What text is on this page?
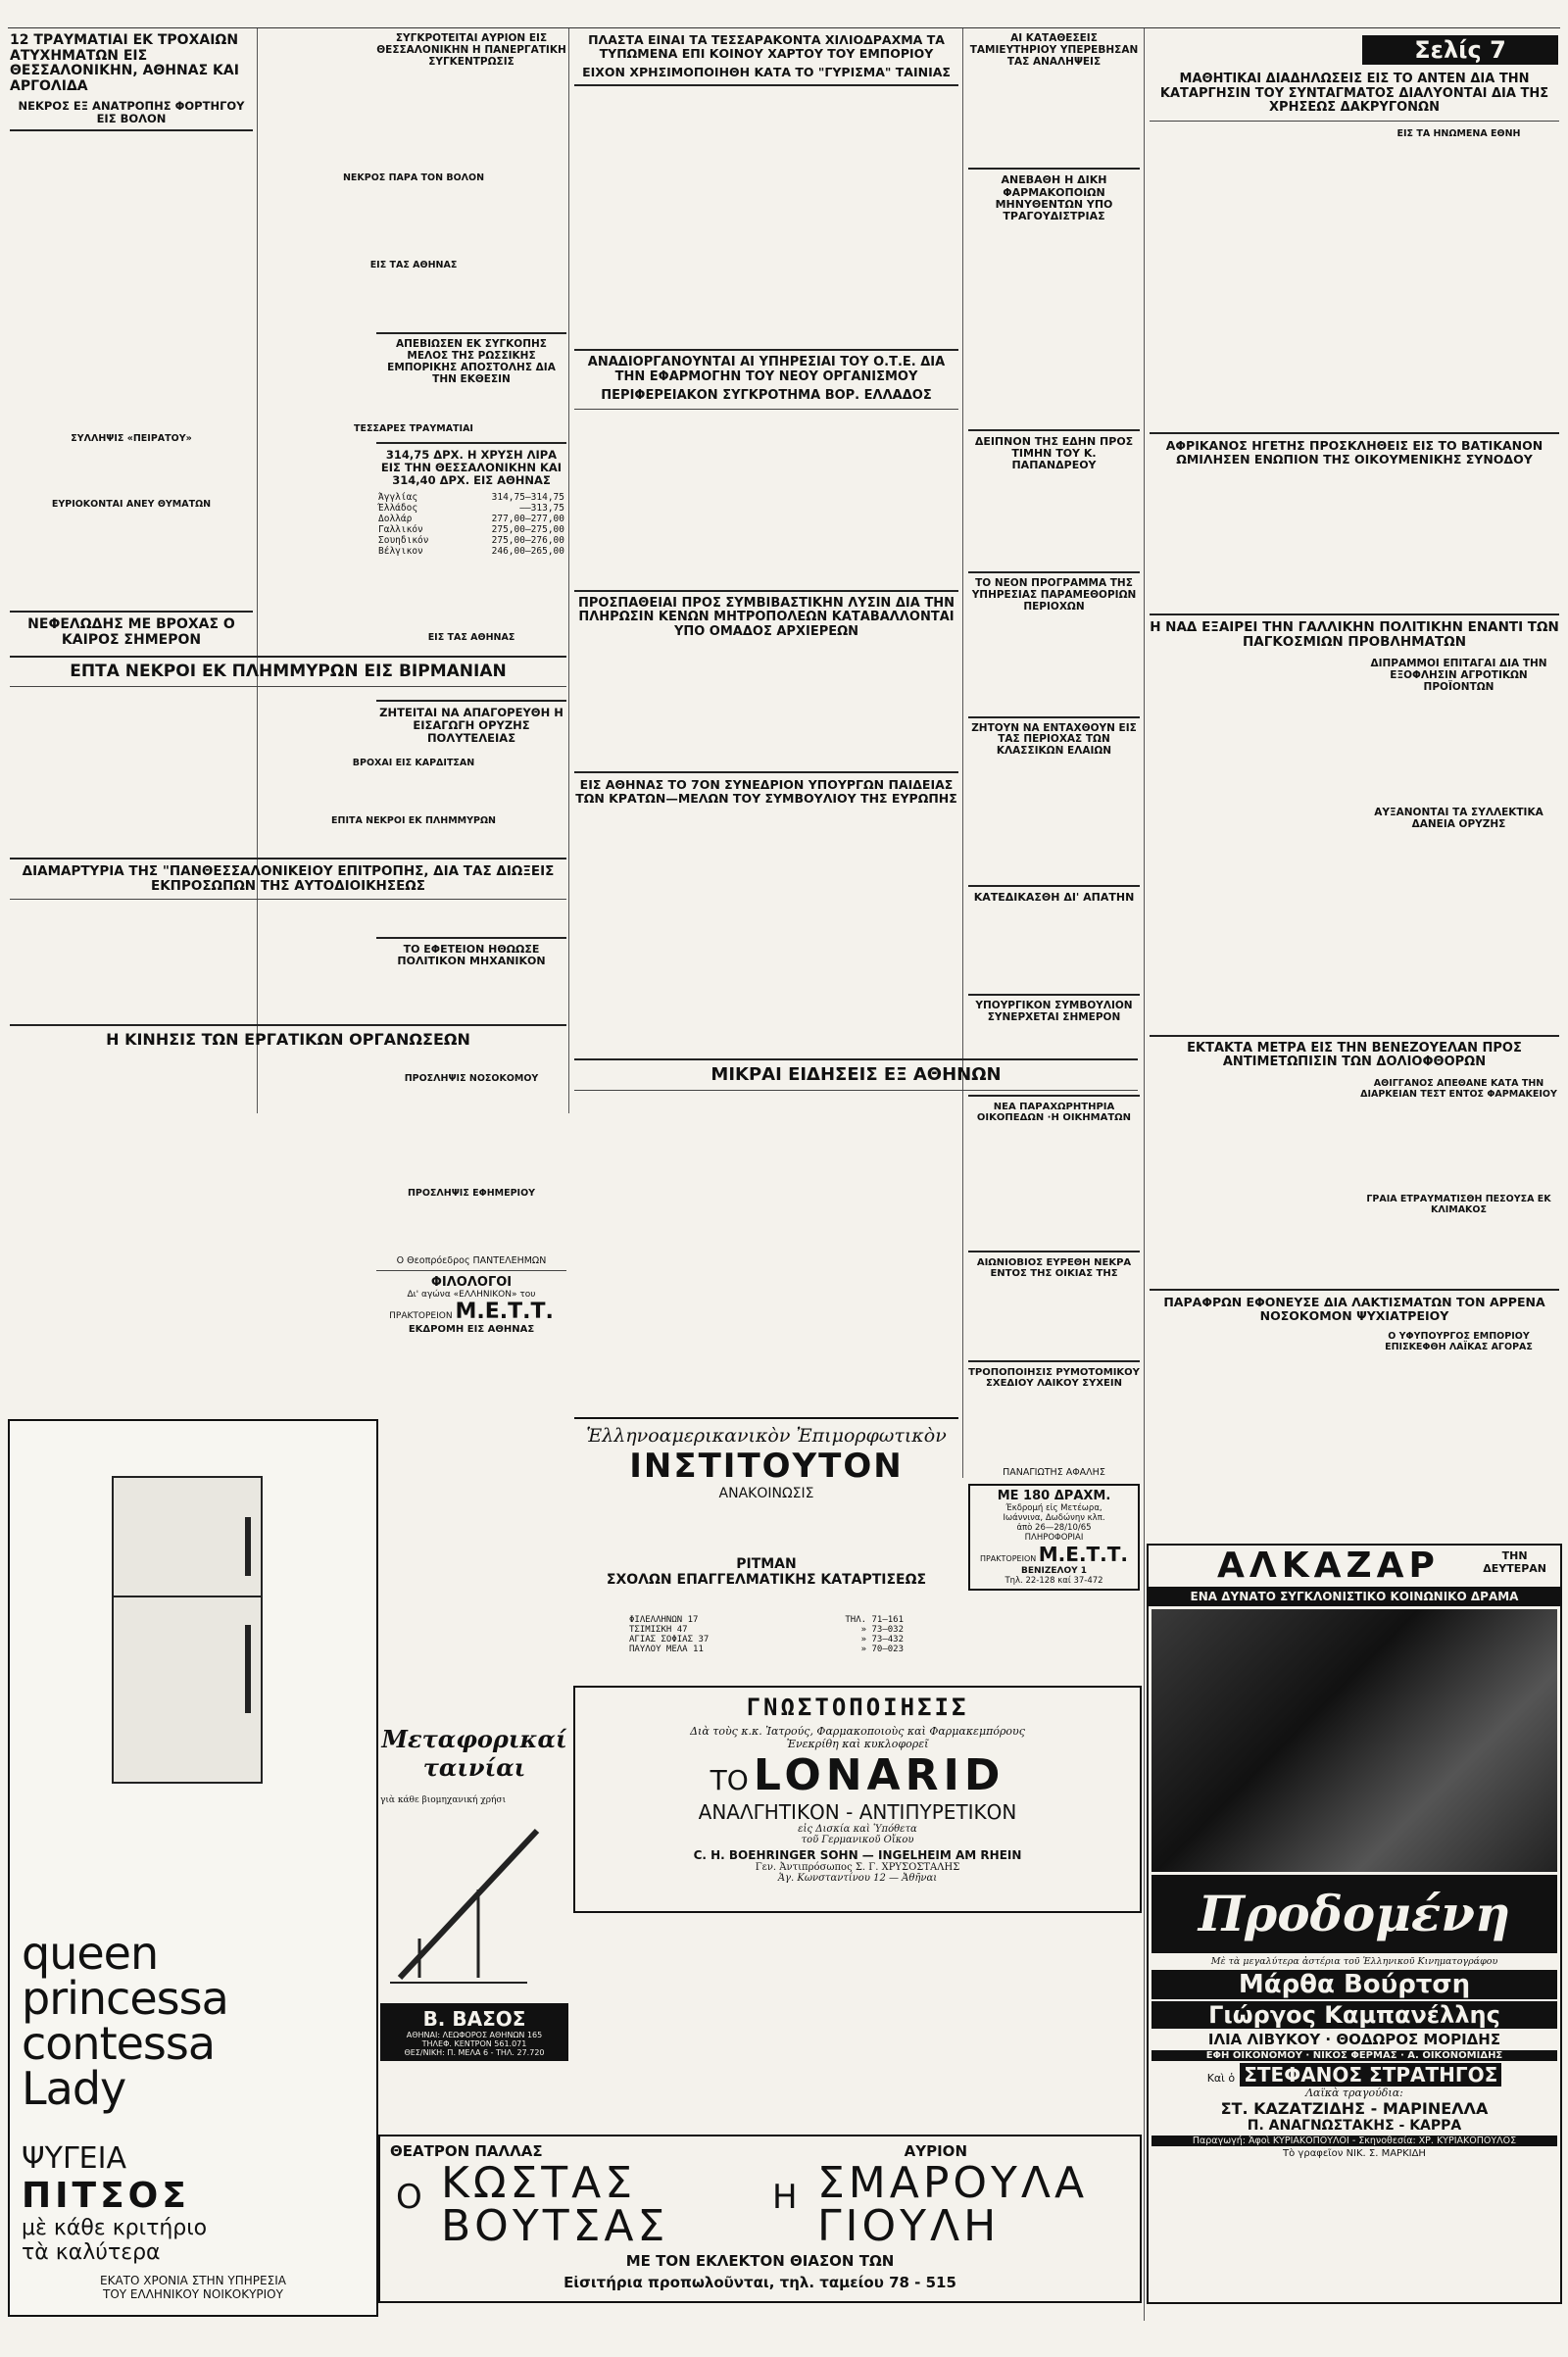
12 ΤΡΑΥΜΑΤΙΑΙ ΕΚ ΤΡΟΧΑΙΩΝ ΑΤΥΧΗΜΑΤΩΝ ΕΙΣ ΘΕΣΣΑΛΟΝΙΚΗΝ, ΑΘΗΝΑΣ ΚΑΙ ΑΡΓΟΛΙΔΑ
ΝΕΚΡΟΣ ΕΞ ΑΝΑΤΡΟΠΗΣ ΦΟΡΤΗΓΟΥ ΕΙΣ ΒΟΛΟΝ
ΣΥΛΛΗΨΙΣ «ΠΕΙΡΑΤΟΥ»
ΕΥΡΙΟΚΟΝΤΑΙ ΑΝΕΥ ΘΥΜΑΤΩΝ
ΝΕΦΕΛΩΔΗΣ ΜΕ ΒΡΟΧΑΣ Ο ΚΑΙΡΟΣ ΣΗΜΕΡΟΝ
ΕΠΤΑ ΝΕΚΡΟΙ ΕΚ ΠΛΗΜΜΥΡΩΝ ΕΙΣ ΒΙΡΜΑΝΙΑΝ
ΔΙΑΜΑΡΤΥΡΙΑ ΤΗΣ "ΠΑΝΘΕΣΣΑΛΟΝΙΚΕΙΟΥ ΕΠΙΤΡΟΠΗΣ, ΔΙΑ ΤΑΣ ΔΙΩΞΕΙΣ ΕΚΠΡΟΣΩΠΩΝ ΤΗΣ ΑΥΤΟΔΙΟΙΚΗΣΕΩΣ
Η ΚΙΝΗΣΙΣ ΤΩΝ ΕΡΓΑΤΙΚΩΝ ΟΡΓΑΝΩΣΕΩΝ
ΝΕΚΡΟΣ ΠΑΡΑ ΤΟΝ ΒΟΛΟΝ
ΕΙΣ ΤΑΣ ΑΘΗΝΑΣ
ΤΕΣΣΑΡΕΣ ΤΡΑΥΜΑΤΙΑΙ
ΒΡΟΧΑΙ ΕΙΣ ΚΑΡΔΙΤΣΑΝ
ΕΠΙΤΑ ΝΕΚΡΟΙ ΕΚ ΠΛΗΜΜΥΡΩΝ
ΣΥΓΚΡΟΤΕΙΤΑΙ ΑΥΡΙΟΝ ΕΙΣ ΘΕΣΣΑΛΟΝΙΚΗΝ Η ΠΑΝΕΡΓΑΤΙΚΗ ΣΥΓΚΕΝΤΡΩΣΙΣ
ΑΠΕΒΙΩΣΕΝ ΕΚ ΣΥΓΚΟΠΗΣ ΜΕΛΟΣ ΤΗΣ ΡΩΣΣΙΚΗΣ ΕΜΠΟΡΙΚΗΣ ΑΠΟΣΤΟΛΗΣ ΔΙΑ ΤΗΝ ΕΚΘΕΣΙΝ
314,75 ΔΡΧ. Η ΧΡΥΣΗ ΛΙΡΑ ΕΙΣ ΤΗΝ ΘΕΣΣΑΛΟΝΙΚΗΝ ΚΑΙ 314,40 ΔΡΧ. ΕΙΣ ΑΘΗΝΑΣ
Άγγλίας	314,75—314,75
Έλλάδος	——313,75
Δολλάρ	277,00—277,00
Γαλλικόν	275,00—275,00
Σουηδικόν	275,00—276,00
Βέλγικον	246,00—265,00
ΕΙΣ ΤΑΣ ΑΘΗΝΑΣ
ΖΗΤΕΙΤΑΙ ΝΑ ΑΠΑΓΟΡΕΥΘΗ Η ΕΙΣΑΓΩΓΗ ΟΡΥΖΗΣ ΠΟΛΥΤΕΛΕΙΑΣ
ΤΟ ΕΦΕΤΕΙΟΝ ΗΘΩΩΣΕ ΠΟΛΙΤΙΚΟΝ ΜΗΧΑΝΙΚΟΝ
ΠΡΟΣΛΗΨΙΣ ΝΟΣΟΚΟΜΟΥ
ΠΡΟΣΛΗΨΙΣ ΕΦΗΜΕΡΙΟΥ
Ο Θεοπρόεδρος ΠΑΝΤΕΛΕΗΜΩΝ
ΦΙΛΟΛΟΓΟΙ
Δι' αγώνα «ΕΛΛΗΝΙΚΟΝ» του
ΠΡΑΚΤΟΡΕΙΟΝ Μ.Ε.Τ.Τ.
ΕΚΔΡΟΜΗ ΕΙΣ ΑΘΗΝΑΣ
ΠΛΑΣΤΑ ΕΙΝΑΙ ΤΑ ΤΕΣΣΑΡΑΚΟΝΤΑ ΧΙΛΙΟΔΡΑΧΜΑ ΤΑ ΤΥΠΩΜΕΝΑ ΕΠΙ ΚΟΙΝΟΥ ΧΑΡΤΟΥ ΤΟΥ ΕΜΠΟΡΙΟΥ
ΕΙΧΟΝ ΧΡΗΣΙΜΟΠΟΙΗΘΗ ΚΑΤΑ ΤΟ "ΓΥΡΙΣΜΑ" ΤΑΙΝΙΑΣ
ΑΝΑΔΙΟΡΓΑΝΟΥΝΤΑΙ ΑΙ ΥΠΗΡΕΣΙΑΙ ΤΟΥ Ο.Τ.Ε. ΔΙΑ ΤΗΝ ΕΦΑΡΜΟΓΗΝ ΤΟΥ ΝΕΟΥ ΟΡΓΑΝΙΣΜΟΥ
ΠΕΡΙΦΕΡΕΙΑΚΟΝ ΣΥΓΚΡΟΤΗΜΑ ΒΟΡ. ΕΛΛΑΔΟΣ
ΠΡΟΣΠΑΘΕΙΑΙ ΠΡΟΣ ΣΥΜΒΙΒΑΣΤΙΚΗΝ ΛΥΣΙΝ ΔΙΑ ΤΗΝ ΠΛΗΡΩΣΙΝ ΚΕΝΩΝ ΜΗΤΡΟΠΟΛΕΩΝ ΚΑΤΑΒΑΛΛΟΝΤΑΙ ΥΠΟ ΟΜΑΔΟΣ ΑΡΧΙΕΡΕΩΝ
ΕΙΣ ΑΘΗΝΑΣ ΤΟ 7ΟΝ ΣΥΝΕΔΡΙΟΝ ΥΠΟΥΡΓΩΝ ΠΑΙΔΕΙΑΣ ΤΩΝ ΚΡΑΤΩΝ—ΜΕΛΩΝ ΤΟΥ ΣΥΜΒΟΥΛΙΟΥ ΤΗΣ ΕΥΡΩΠΗΣ
ΜΙΚΡΑΙ ΕΙΔΗΣΕΙΣ ΕΞ ΑΘΗΝΩΝ
ΑΙ ΚΑΤΑΘΕΣΕΙΣ ΤΑΜΙΕΥΤΗΡΙΟΥ ΥΠΕΡΕΒΗΣΑΝ ΤΑΣ ΑΝΑΛΗΨΕΙΣ
ΑΝΕΒΑΘΗ Η ΔΙΚΗ ΦΑΡΜΑΚΟΠΟΙΩΝ ΜΗΝΥΘΕΝΤΩΝ ΥΠΟ ΤΡΑΓΟΥΔΙΣΤΡΙΑΣ
ΔΕΙΠΝΟΝ ΤΗΣ ΕΔΗΝ ΠΡΟΣ ΤΙΜΗΝ ΤΟΥ Κ. ΠΑΠΑΝΔΡΕΟΥ
ΤΟ ΝΕΟΝ ΠΡΟΓΡΑΜΜΑ ΤΗΣ ΥΠΗΡΕΣΙΑΣ ΠΑΡΑΜΕΘΟΡΙΩΝ ΠΕΡΙΟΧΩΝ
ΖΗΤΟΥΝ ΝΑ ΕΝΤΑΧΘΟΥΝ ΕΙΣ ΤΑΣ ΠΕΡΙΟΧΑΣ ΤΩΝ ΚΛΑΣΣΙΚΩΝ ΕΛΑΙΩΝ
ΚΑΤΕΔΙΚΑΣΘΗ ΔΙ' ΑΠΑΤΗΝ
ΥΠΟΥΡΓΙΚΟΝ ΣΥΜΒΟΥΛΙΟΝ ΣΥΝΕΡΧΕΤΑΙ ΣΗΜΕΡΟΝ
ΝΕΑ ΠΑΡΑΧΩΡΗΤΗΡΙΑ ΟΙΚΟΠΕΔΩΝ ·Η ΟΙΚΗΜΑΤΩΝ
ΑΙΩΝΙΟΒΙΟΣ ΕΥΡΕΘΗ ΝΕΚΡΑ ΕΝΤΟΣ ΤΗΣ ΟΙΚΙΑΣ ΤΗΣ
ΤΡΟΠΟΠΟΙΗΣΙΣ ΡΥΜΟΤΟΜΙΚΟΥ ΣΧΕΔΙΟΥ ΛΑΙΚΟΥ ΣΥΧΕΙΝ
ΠΑΝΑΓΙΩΤΗΣ ΑΦΑΛΗΣ
ΜΕ 180 ΔΡΑΧΜ.
Έκδρομή εἰς Μετέωρα,
Ιωάννινα, Δωδώνην κλπ.
ἀπὸ 26—28/10/65
ΠΛΗΡΟΦΟΡΙΑΙ
ΠΡΑΚΤΟΡΕΙΟΝ Μ.Ε.Τ.Τ.
ΒΕΝΙΖΕΛΟΥ 1
Τηλ. 22-128 καί 37-472
Σελίς 7
ΜΑΘΗΤΙΚΑΙ ΔΙΑΔΗΛΩΣΕΙΣ ΕΙΣ ΤΟ ΑΝΤΕΝ ΔΙΑ ΤΗΝ ΚΑΤΑΡΓΗΣΙΝ ΤΟΥ ΣΥΝΤΑΓΜΑΤΟΣ ΔΙΑΛΥΟΝΤΑΙ ΔΙΑ ΤΗΣ ΧΡΗΣΕΩΣ ΔΑΚΡΥΓΟΝΩΝ
ΕΙΣ ΤΑ ΗΝΩΜΕΝΑ ΕΘΝΗ
ΑΦΡΙΚΑΝΟΣ ΗΓΕΤΗΣ ΠΡΟΣΚΛΗΘΕΙΣ ΕΙΣ ΤΟ ΒΑΤΙΚΑΝΟΝ ΩΜΙΛΗΣΕΝ ΕΝΩΠΙΟΝ ΤΗΣ ΟΙΚΟΥΜΕΝΙΚΗΣ ΣΥΝΟΔΟΥ
Η ΝΑΔ ΕΞΑΙΡΕΙ ΤΗΝ ΓΑΛΛΙΚΗΝ ΠΟΛΙΤΙΚΗΝ ΕΝΑΝΤΙ ΤΩΝ ΠΑΓΚΟΣΜΙΩΝ ΠΡΟΒΛΗΜΑΤΩΝ
ΔΙΠΡΑΜΜΟΙ ΕΠΙΤΑΓΑΙ ΔΙΑ ΤΗΝ ΕΞΟΦΛΗΣΙΝ ΑΓΡΟΤΙΚΩΝ ΠΡΟΪΟΝΤΩΝ
ΑΥΞΑΝΟΝΤΑΙ ΤΑ ΣΥΛΛΕΚΤΙΚΑ ΔΑΝΕΙΑ ΟΡΥΖΗΣ
ΕΚΤΑΚΤΑ ΜΕΤΡΑ ΕΙΣ ΤΗΝ ΒΕΝΕΖΟΥΕΛΑΝ ΠΡΟΣ ΑΝΤΙΜΕΤΩΠΙΣΙΝ ΤΩΝ ΔΟΛΙΟΦΘΟΡΩΝ
ΑΘΙΓΓΑΝΟΣ ΑΠΕΘΑΝΕ ΚΑΤΑ ΤΗΝ ΔΙΑΡΚΕΙΑΝ ΤΕΣΤ ΕΝΤΟΣ ΦΑΡΜΑΚΕΙΟΥ
ΓΡΑΙΑ ΕΤΡΑΥΜΑΤΙΣΘΗ ΠΕΣΟΥΣΑ ΕΚ ΚΛΙΜΑΚΟΣ
ΠΑΡΑΦΡΩΝ ΕΦΟΝΕΥΣΕ ΔΙΑ ΛΑΚΤΙΣΜΑΤΩΝ ΤΟΝ ΑΡΡΕΝΑ ΝΟΣΟΚΟΜΟΝ ΨΥΧΙΑΤΡΕΙΟΥ
Ο ΥΦΥΠΟΥΡΓΟΣ ΕΜΠΟΡΙΟΥ ΕΠΙΣΚΕΦΘΗ ΛΑΪΚΑΣ ΑΓΟΡΑΣ
queen
princessa
contessa
Lady
ΨΥΓΕΙΑ
ΠΙΤΣΟΣ
μὲ κάθε κριτήριο
τὰ καλύτερα
ΕΚΑΤΟ ΧΡΟΝΙΑ ΣΤΗΝ ΥΠΗΡΕΣΙΑ
ΤΟΥ ΕΛΛΗΝΙΚΟΥ ΝΟΙΚΟΚΥΡΙΟΥ
Μεταφορικαί
ταινίαι
γιὰ κάθε βιομηχανική χρήσι
Β. ΒΑΣΟΣ
ΑΘΗΝΑΙ: ΛΕΩΦΟΡΟΣ ΑΘΗΝΩΝ 165
ΤΗΛΕΦ. ΚΕΝΤΡΟΝ 561.071
ΘΕΣ/ΝΙΚΗ: Π. ΜΕΛΑ 6 - ΤΗΛ. 27.720
Ἑλληνοαμερικανικὸν Ἐπιμορφωτικὸν
ΙΝΣΤΙΤΟΥΤΟΝ
ΑΝΑΚΟΙΝΩΣΙΣ
PITMAN
ΣΧΟΛΩΝ ΕΠΑΓΓΕΛΜΑΤΙΚΗΣ ΚΑΤΑΡΤΙΣΕΩΣ
ΦΙΛΕΛΛΗΝΩΝ 17	ΤΗΛ. 71—161
ΤΣΙΜΙΣΚΗ 47	» 73—032
ΑΓΙΑΣ ΣΟΦΙΑΣ 37	» 73—432
ΠΑΥΛΟΥ ΜΕΛΑ 11	» 70—023
ΓΝΩΣΤΟΠΟΙΗΣΙΣ
Διὰ τοὺς κ.κ. Ἰατρούς, Φαρμακοποιοὺς καὶ Φαρμακεμπόρους
Ἐνεκρίθη καὶ κυκλοφορεῖ
ΤΟ LONARID
ΑΝΑΛΓΗΤΙΚΟΝ - ΑΝΤΙΠΥΡΕΤΙΚΟΝ
εἰς Δισκία καὶ Ὑπόθετα
τοῦ Γερμανικοῦ Οἴκου
C. H. BOEHRINGER SOHN — INGELHEIM AM RHEIN
Γεν. Ἀντιπρόσωπος Σ. Γ. ΧΡΥΣΟΣΤΑΛΗΣ
Ἁγ. Κωνσταντίνου 12 — Ἀθῆναι
ΘΕΑΤΡΟΝ ΠΑΛΛΑΣ	ΑΥΡΙΟΝ
Ο ΚΩΣΤΑΣ
ΒΟΥΤΣΑΣ
Η ΣΜΑΡΟΥΛΑ
ΓΙΟΥΛΗ
ΜΕ ΤΟΝ ΕΚΛΕΚΤΟΝ ΘΙΑΣΟΝ ΤΩΝ
Εἰσιτήρια προπωλοῦνται, τηλ. ταμείου 78 - 515
ΑΛΚΑΖΑΡ	ΤΗΝ
ΔΕΥΤΕΡΑΝ
ΕΝΑ ΔΥΝΑΤΟ ΣΥΓΚΛΟΝΙΣΤΙΚΟ ΚΟΙΝΩΝΙΚΟ ΔΡΑΜΑ
Προδομένη
Μὲ τὰ μεγαλύτερα ἀστέρια τοῦ Ἑλληνικοῦ Κινηματογράφου
Μάρθα Βούρτση
Γιώργος Καμπανέλλης
ΙΛΙΑ ΛΙΒΥΚΟΥ · ΘΟΔΩΡΟΣ ΜΟΡΙΔΗΣ
ΕΦΗ ΟΙΚΟΝΟΜΟΥ · ΝΙΚΟΣ ΦΕΡΜΑΣ · Α. ΟΙΚΟΝΟΜΙΔΗΣ
Καὶ ὁ ΣΤΕΦΑΝΟΣ ΣΤΡΑΤΗΓΟΣ
Λαϊκὰ τραγούδια:
ΣΤ. ΚΑΖΑΤΖΙΔΗΣ - ΜΑΡΙΝΕΛΛΑ
Π. ΑΝΑΓΝΩΣΤΑΚΗΣ - ΚΑΡΡΑ
Παραγωγή: Ἀφοὶ ΚΥΡΙΑΚΟΠΟΥΛΟΙ - Σκηνοθεσία: ΧΡ. ΚΥΡΙΑΚΟΠΟΥΛΟΣ
Τὸ γραφεῖον ΝΙΚ. Σ. ΜΑΡΚΙΔΗ
